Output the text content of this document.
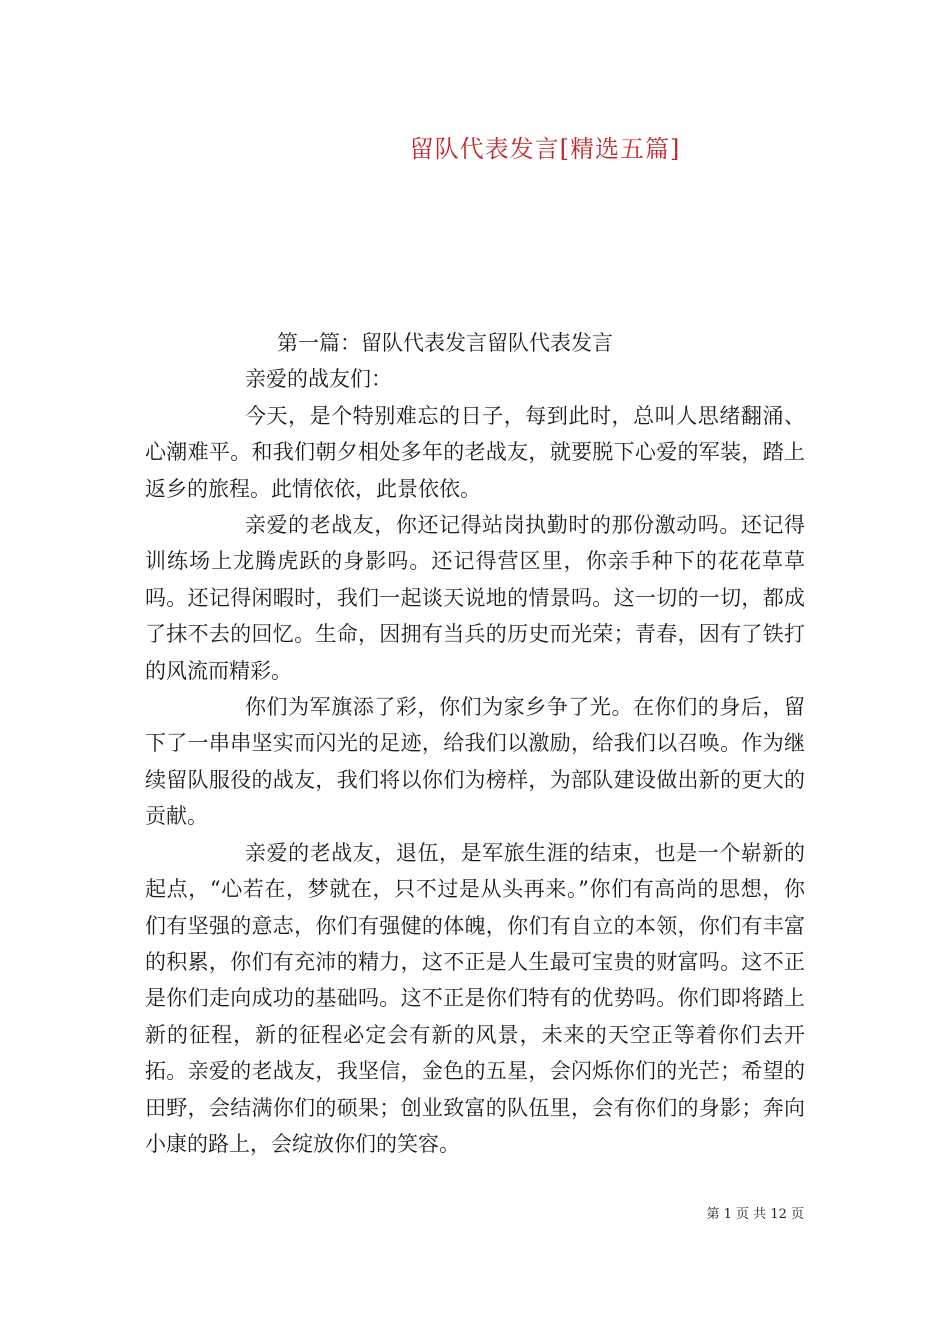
留队代表发言[精选五篇]

第一篇：留队代表发言留队代表发言

亲爱的战友们：

今天，是个特别难忘的日子，每到此时，总叫人思绪翻涌、心潮难平。和我们朝夕相处多年的老战友，就要脱下心爱的军装，踏上返乡的旅程。此情依依，此景依依。

亲爱的老战友，你还记得站岗执勤时的那份激动吗。还记得训练场上龙腾虎跃的身影吗。还记得营区里，你亲手种下的花花草草吗。还记得闲暇时，我们一起谈天说地的情景吗。这一切的一切，都成了抹不去的回忆。生命，因拥有当兵的历史而光荣；青春，因有了铁打的风流而精彩。

你们为军旗添了彩，你们为家乡争了光。在你们的身后，留下了一串串坚实而闪光的足迹，给我们以激励，给我们以召唤。作为继续留队服役的战友，我们将以你们为榜样，为部队建设做出新的更大的贡献。

亲爱的老战友，退伍，是军旅生涯的结束，也是一个崭新的起点，“心若在，梦就在，只不过是从头再来。”你们有高尚的思想，你们有坚强的意志，你们有强健的体魄，你们有自立的本领，你们有丰富的积累，你们有充沛的精力，这不正是人生最可宝贵的财富吗。这不正是你们走向成功的基础吗。这不正是你们特有的优势吗。你们即将踏上新的征程，新的征程必定会有新的风景，未来的天空正等着你们去开拓。亲爱的老战友，我坚信，金色的五星，会闪烁你们的光芒；希望的田野，会结满你们的硕果；创业致富的队伍里，会有你们的身影；奔向小康的路上，会绽放你们的笑容。

第 1 页 共 12 页
